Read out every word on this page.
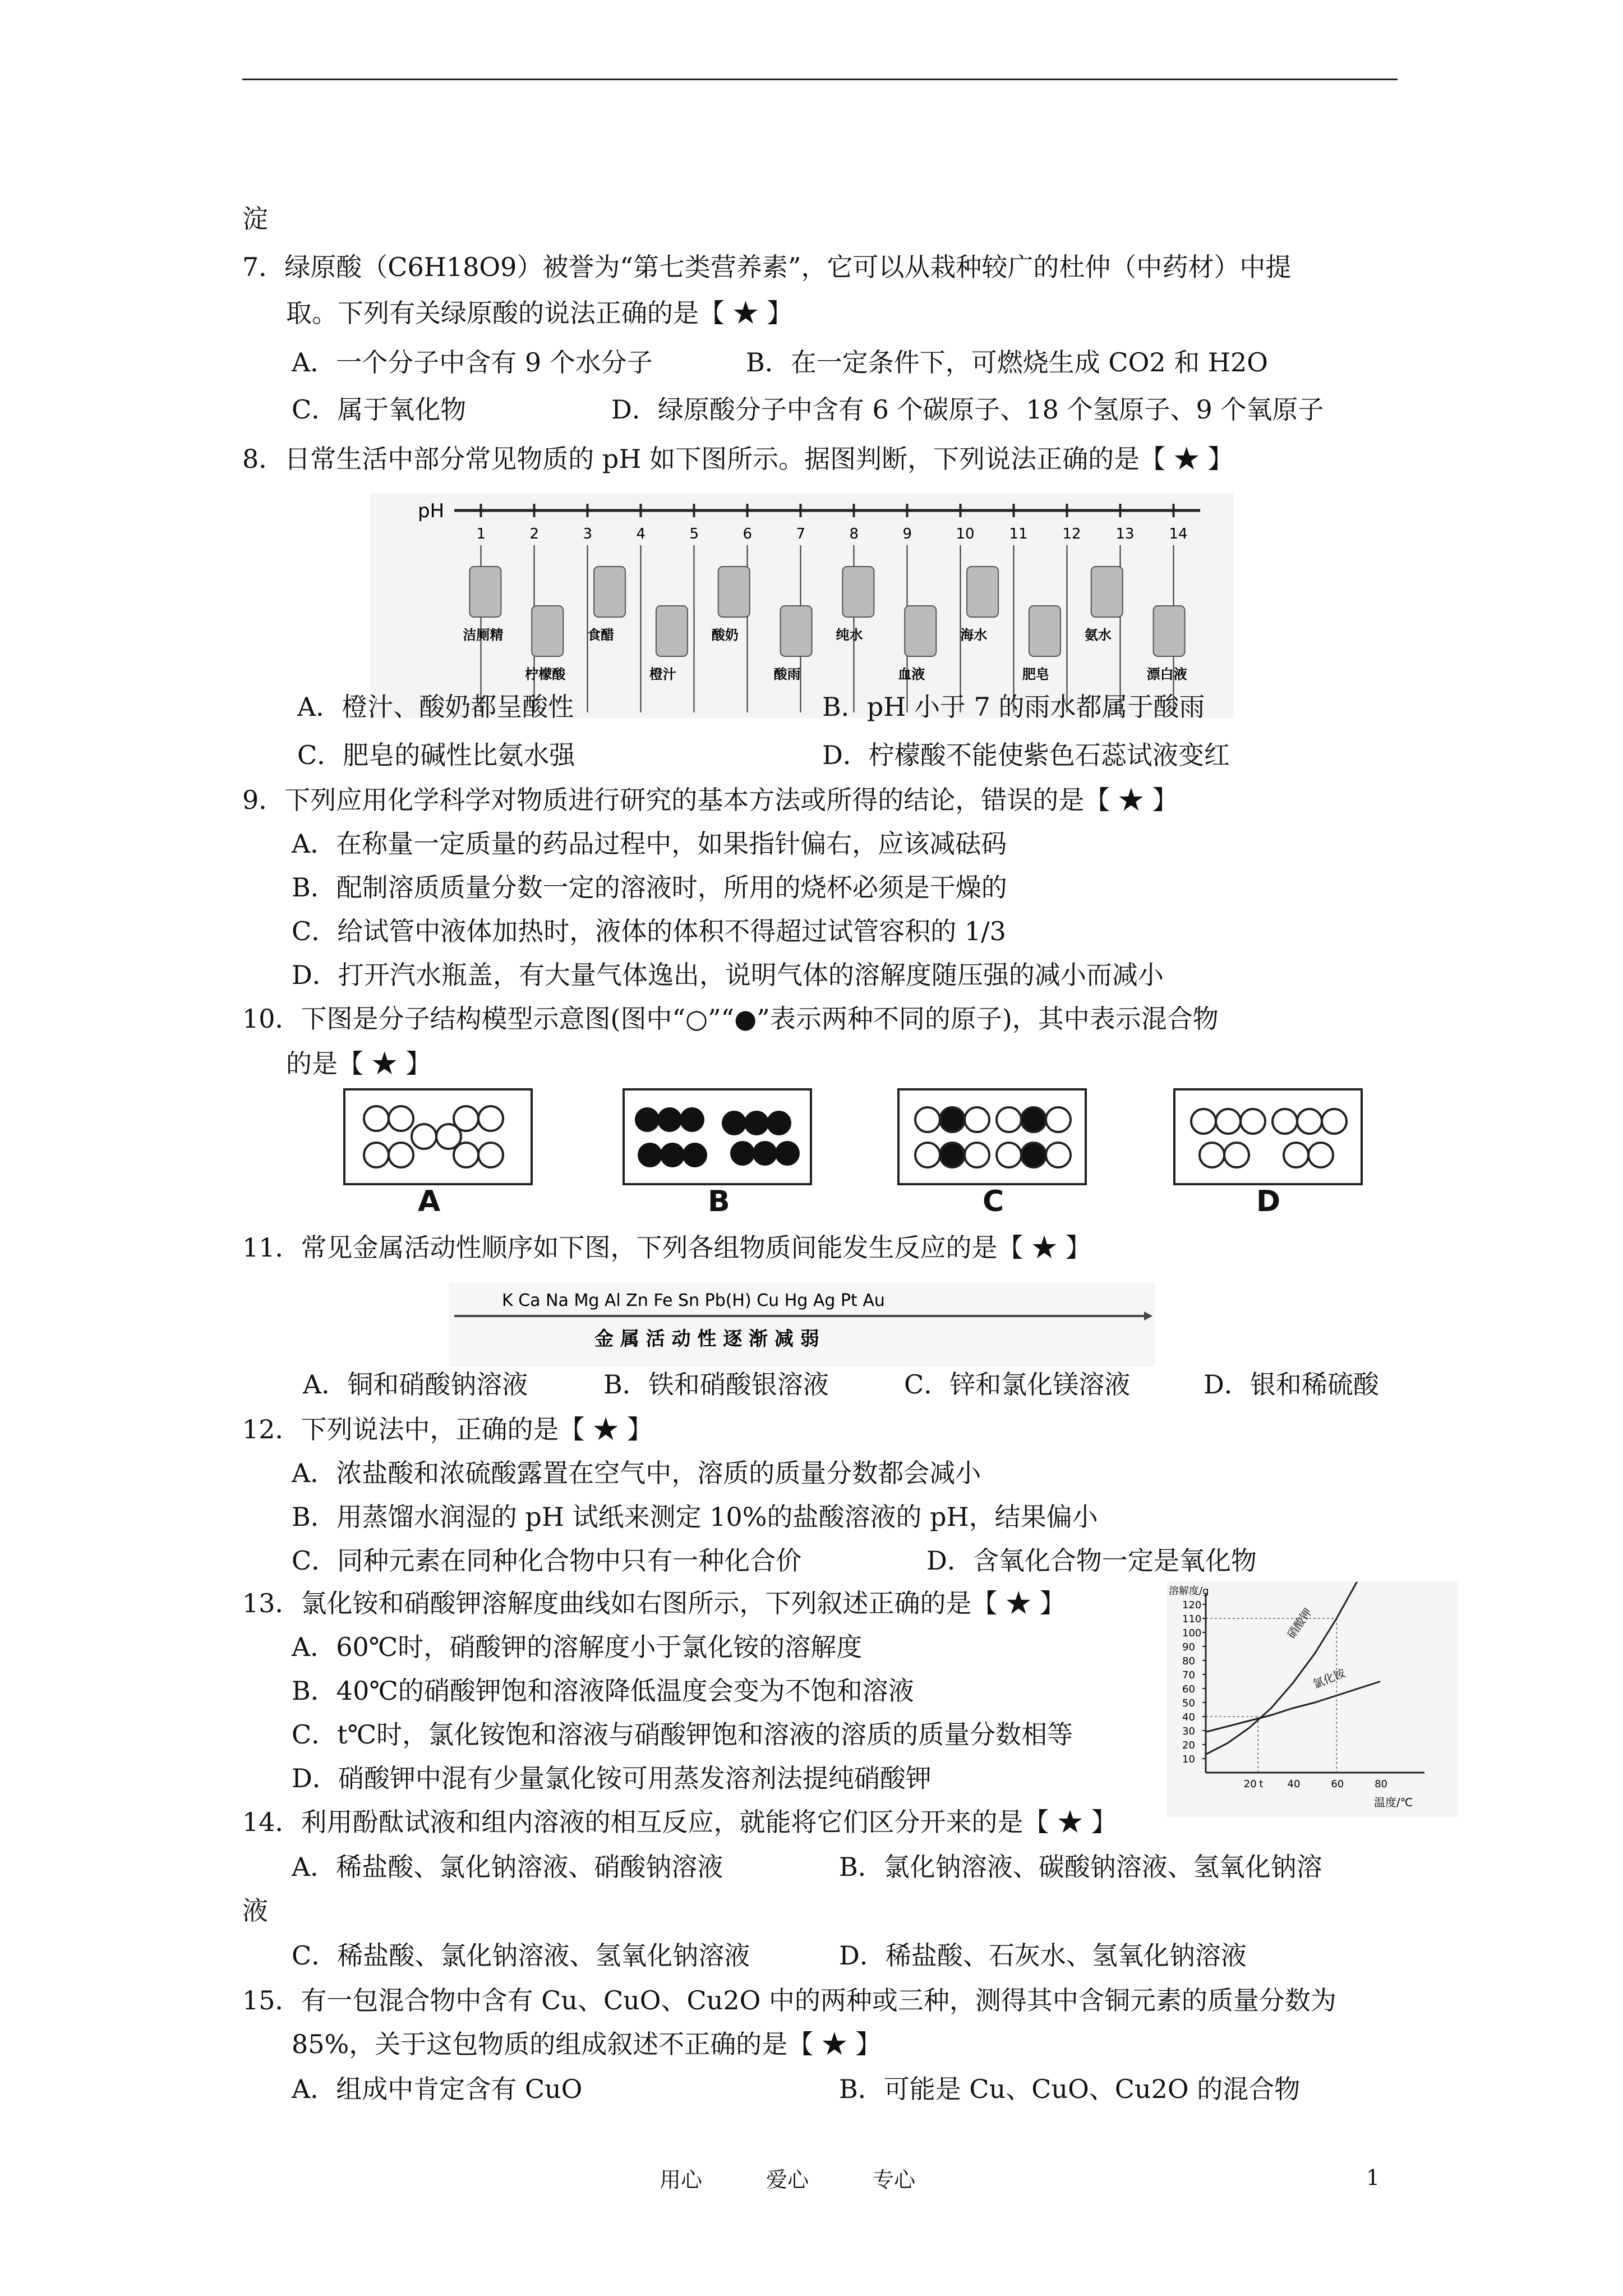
淀
7．绿原酸（C6H18O9）被誉为“第七类营养素”，它可以从栽种较广的杜仲（中药材）中提
取。下列有关绿原酸的说法正确的是【 ★ 】
A．一个分子中含有 9 个水分子	B．在一定条件下，可燃烧生成 CO2 和 H2O
C．属于氧化物	D．绿原酸分子中含有 6 个碳原子、18 个氢原子、9 个氧原子
8．日常生活中部分常见物质的 pH 如下图所示。据图判断，下列说法正确的是【 ★ 】
pH
1	2	3	4	5	6	7	8	9	10 11 12 13 14
洁厕精
柠檬酸
食醋
橙汁
酸奶
酸雨
纯水
血液
海水
肥皂
氨水
漂白液
A．橙汁、酸奶都呈酸性	B．pH 小于 7 的雨水都属于酸雨
C．肥皂的碱性比氨水强	D．柠檬酸不能使紫色石蕊试液变红
9．下列应用化学科学对物质进行研究的基本方法或所得的结论，错误的是【 ★ 】
A．在称量一定质量的药品过程中，如果指针偏右，应该减砝码
B．配制溶质质量分数一定的溶液时，所用的烧杯必须是干燥的
C．给试管中液体加热时，液体的体积不得超过试管容积的 1/3
D．打开汽水瓶盖，有大量气体逸出，说明气体的溶解度随压强的减小而减小
10．下图是分子结构模型示意图(图中“○”“●”表示两种不同的原子)，其中表示混合物
的是【 ★ 】
A	B	C	D
11．常见金属活动性顺序如下图，下列各组物质间能发生反应的是【 ★ 】
K Ca Na Mg Al Zn Fe Sn Pb(H) Cu Hg Ag Pt Au
金 属 活 动 性 逐 渐 减 弱
A．铜和硝酸钠溶液	B．铁和硝酸银溶液	C．锌和氯化镁溶液	D．银和稀硫酸
12．下列说法中，正确的是【 ★ 】
A．浓盐酸和浓硫酸露置在空气中，溶质的质量分数都会减小
B．用蒸馏水润湿的 pH 试纸来测定 10%的盐酸溶液的 pH，结果偏小
C．同种元素在同种化合物中只有一种化合价	D．含氧化合物一定是氧化物
13．氯化铵和硝酸钾溶解度曲线如右图所示，下列叙述正确的是【 ★ 】
A．60℃时，硝酸钾的溶解度小于氯化铵的溶解度
B．40℃的硝酸钾饱和溶液降低温度会变为不饱和溶液
C．t℃时，氯化铵饱和溶液与硝酸钾饱和溶液的溶质的质量分数相等
D．硝酸钾中混有少量氯化铵可用蒸发溶剂法提纯硝酸钾
10
20
30
40
50
60
70
80
90
100
110
120
20 t 40	60	80
硝酸钾
氯化铵
溶解度/g
温度/℃
14．利用酚酞试液和组内溶液的相互反应，就能将它们区分开来的是【 ★ 】
A．稀盐酸、氯化钠溶液、硝酸钠溶液	B．氯化钠溶液、碳酸钠溶液、氢氧化钠溶
液
C．稀盐酸、氯化钠溶液、氢氧化钠溶液	D．稀盐酸、石灰水、氢氧化钠溶液
15．有一包混合物中含有 Cu、CuO、Cu2O 中的两种或三种，测得其中含铜元素的质量分数为
85%，关于这包物质的组成叙述不正确的是【 ★ 】
A．组成中肯定含有 CuO	B．可能是 Cu、CuO、Cu2O 的混合物
用心	爱心	专心	1
